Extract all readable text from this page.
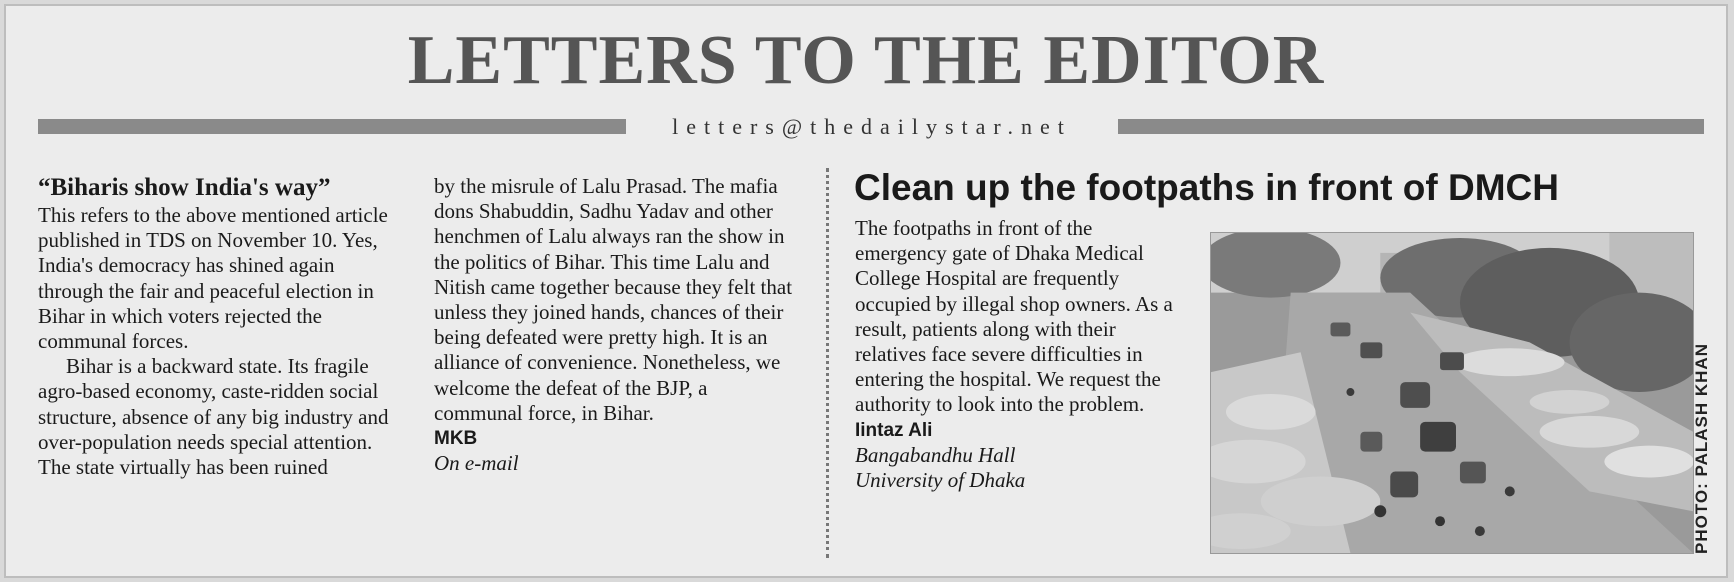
LETTERS TO THE EDITOR
letters@thedailystar.net
“Biharis show India's way”

This refers to the above mentioned article published in TDS on November 10. Yes, India's democracy has shined again through the fair and peaceful election in Bihar in which voters rejected the communal forces.

Bihar is a backward state. Its fragile agro-based economy, caste-ridden social structure, absence of any big industry and over-population needs special attention. The state virtually has been ruined

by the misrule of Lalu Prasad. The mafia dons Shabuddin, Sadhu Yadav and other henchmen of Lalu always ran the show in the politics of Bihar. This time Lalu and Nitish came together because they felt that unless they joined hands, chances of their being defeated were pretty high. It is an alliance of convenience. Nonetheless, we welcome the defeat of the BJP, a communal force, in Bihar.

MKB
On e-mail
Clean up the footpaths in front of DMCH

The footpaths in front of the emergency gate of Dhaka Medical College Hospital are frequently occupied by illegal shop owners. As a result, patients along with their relatives face severe difficulties in entering the hospital. We request the authority to look into the problem.

Iintaz Ali
Bangabandhu Hall
University of Dhaka	PHOTO: PALASH KHAN
